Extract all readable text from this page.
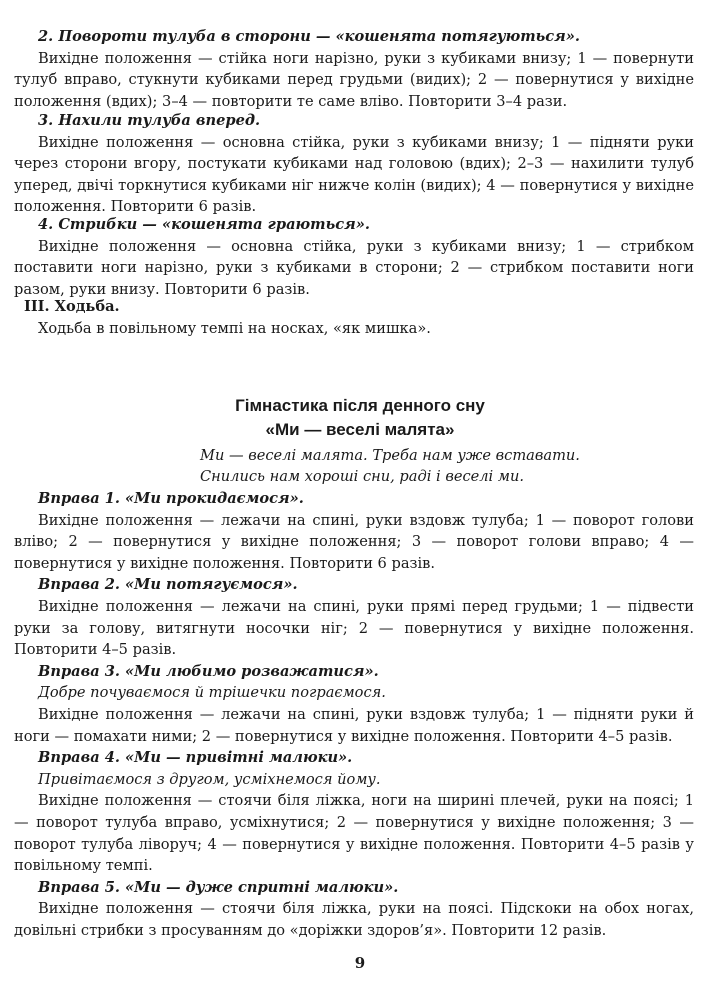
2. Повороти тулуба в сторони — «кошенята потягуються».
Вихідне положення — стійка ноги нарізно, руки з кубиками внизу; 1 — повернути тулуб вправо, стукнути кубиками перед грудьми (видих); 2 — повернутися у вихідне положення (вдих); 3–4 — повторити те саме вліво. Повторити 3–4 рази.
3. Нахили тулуба вперед.
Вихідне положення — основна стійка, руки з кубиками внизу; 1 — підняти руки через сторони вгору, постукати кубиками над головою (вдих); 2–3 — нахилити тулуб уперед, двічі торкнутися кубиками ніг нижче колін (видих); 4 — повернутися у вихідне положення. Повторити 6 разів.
4. Стрибки — «кошенята граються».
Вихідне положення — основна стійка, руки з кубиками внизу; 1 — стрибком поставити ноги нарізно, руки з кубиками в сторони; 2 — стрибком поставити ноги разом, руки внизу. Повторити 6 разів.
III. Ходьба.
Ходьба в повільному темпі на носках, «як мишка».
Гімнастика після денного сну
«Ми — веселі малята»
Ми — веселі малята. Треба нам уже вставати.
Снились нам хороші сни, раді і веселі ми.
Вправа 1. «Ми прокидаємося».
Вихідне положення — лежачи на спині, руки вздовж тулуба; 1 — поворот голови вліво; 2 — повернутися у вихідне положення; 3 — поворот голови вправо; 4 — повернутися у вихідне положення. Повторити 6 разів.
Вправа 2. «Ми потягуємося».
Вихідне положення — лежачи на спині, руки прямі перед грудьми; 1 — підвести руки за голову, витягнути носочки ніг; 2 — повернутися у вихідне положення. Повторити 4–5 разів.
Вправа 3. «Ми любимо розважатися».
Добре почуваємося й трішечки пограємося.
Вихідне положення — лежачи на спині, руки вздовж тулуба; 1 — підняти руки й ноги — помахати ними; 2 — повернутися у вихідне положення. Повторити 4–5 разів.
Вправа 4. «Ми — привітні малюки».
Привітаємося з другом, усміхнемося йому.
Вихідне положення — стоячи біля ліжка, ноги на ширині плечей, руки на поясі; 1 — поворот тулуба вправо, усміхнутися; 2 — повернутися у вихідне положення; 3 — поворот тулуба ліворуч; 4 — повернутися у вихідне положення. Повторити 4–5 разів у повільному темпі.
Вправа 5. «Ми — дуже спритні малюки».
Вихідне положення — стоячи біля ліжка, руки на поясі. Підскоки на обох ногах, довільні стрибки з просуванням до «доріжки здоров’я». Повторити 12 разів.
9
